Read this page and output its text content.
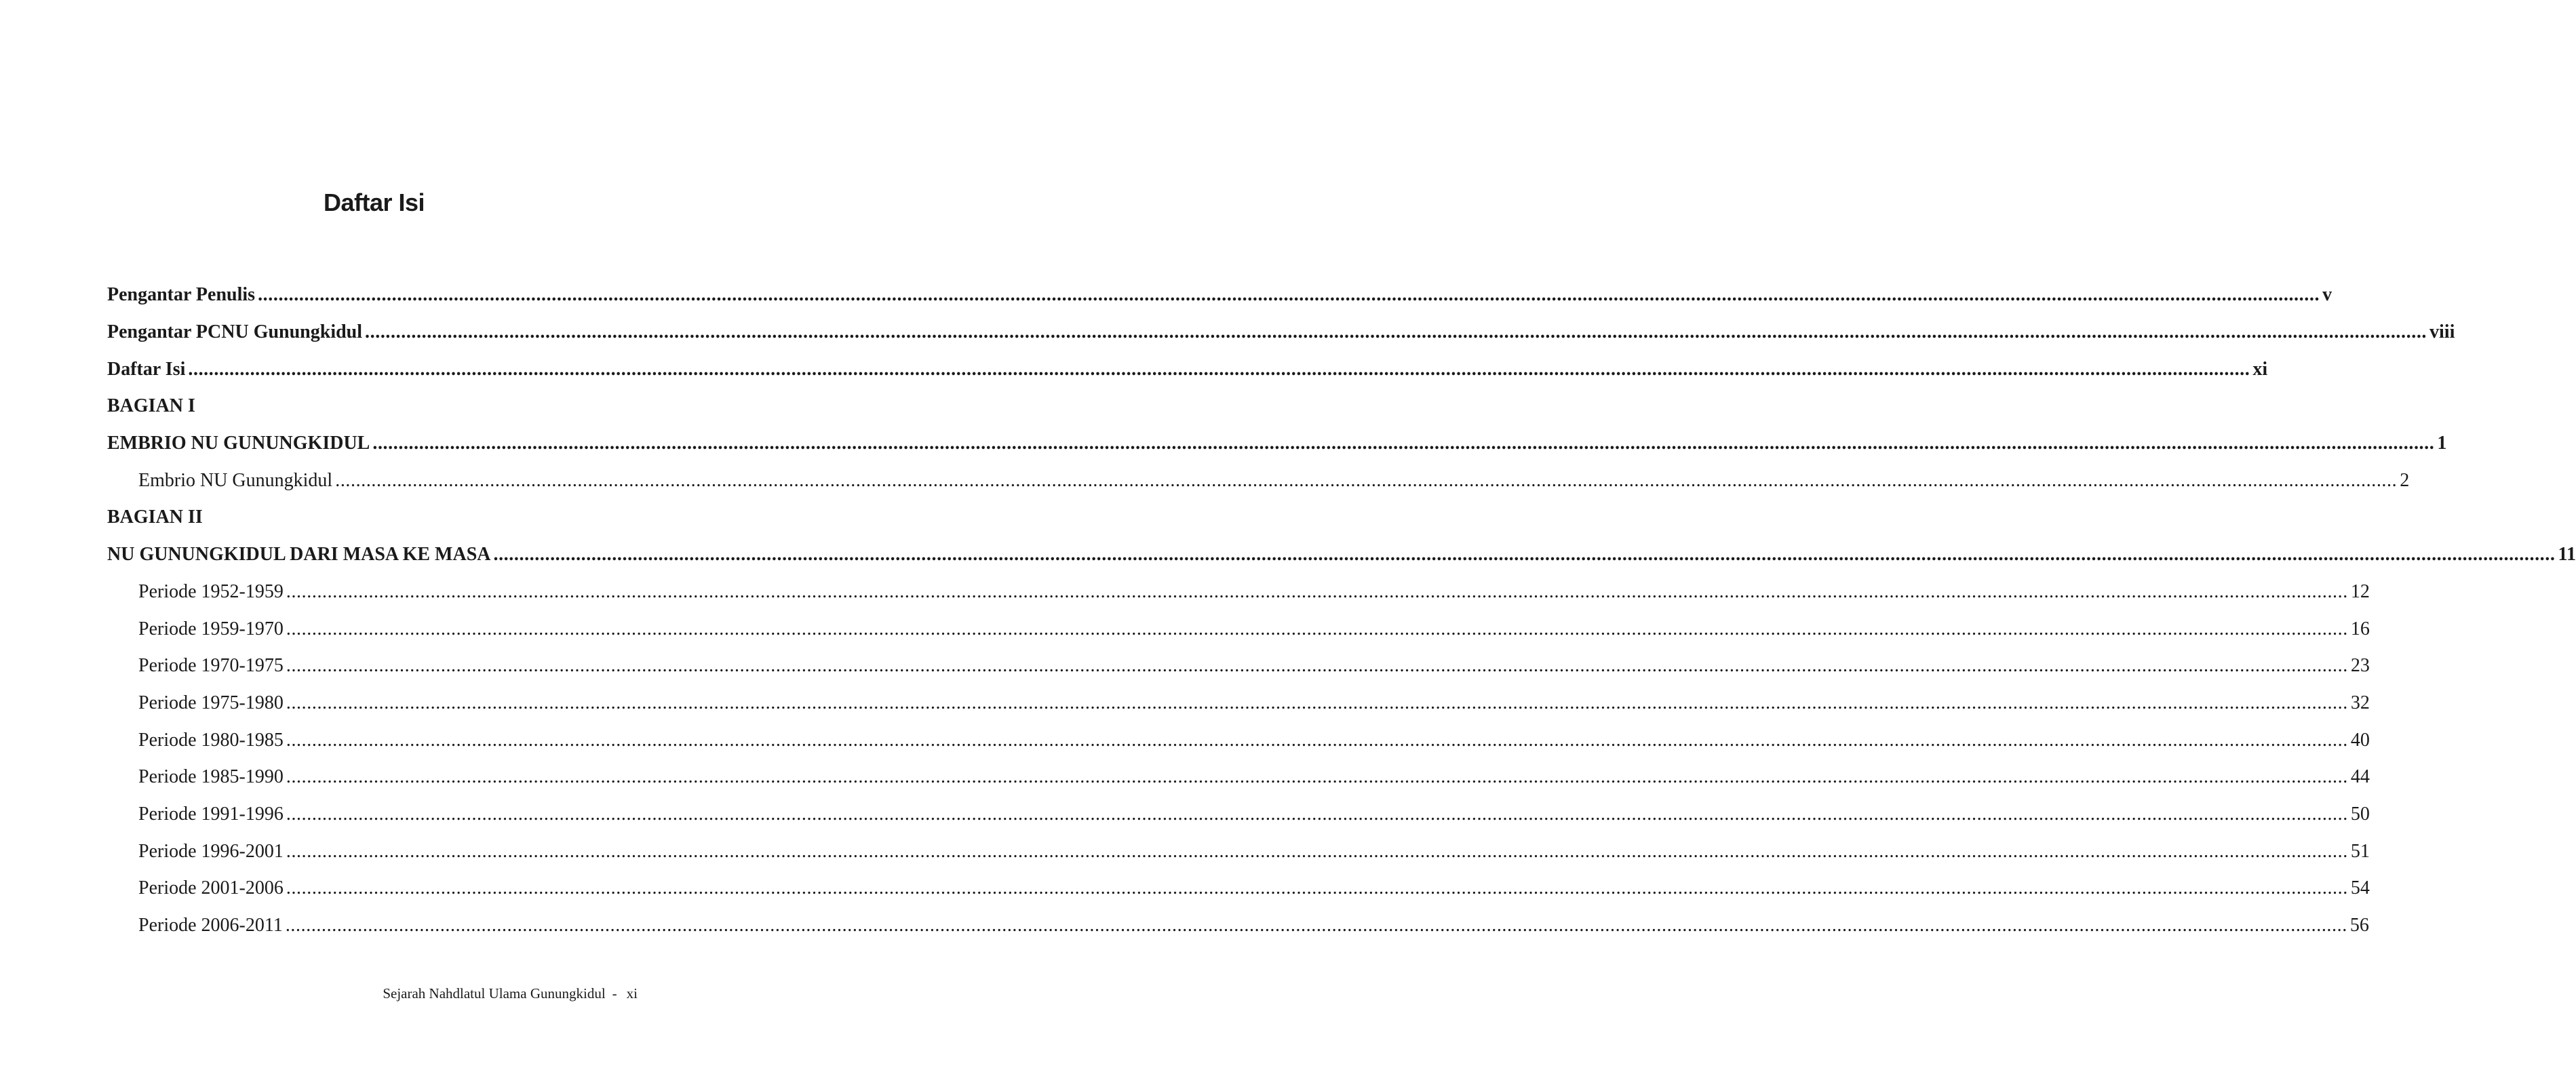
Daftar Isi
Pengantar Penulis ................................................................................................................................................................................................................................................................................................................................................................................................................ v
Pengantar PCNU Gunungkidul ................................................................................................................................................................................................................................................................................................................................................................................................................ viii
Daftar Isi ................................................................................................................................................................................................................................................................................................................................................................................................................ xi
BAGIAN I
EMBRIO NU GUNUNGKIDUL ................................................................................................................................................................................................................................................................................................................................................................................................................ 1
Embrio NU Gunungkidul ................................................................................................................................................................................................................................................................................................................................................................................................................ 2
BAGIAN II
NU GUNUNGKIDUL DARI MASA KE MASA ................................................................................................................................................................................................................................................................................................................................................................................................................ 11
Periode 1952-1959 ................................................................................................................................................................................................................................................................................................................................................................................................................ 12
Periode 1959-1970 ................................................................................................................................................................................................................................................................................................................................................................................................................ 16
Periode 1970-1975 ................................................................................................................................................................................................................................................................................................................................................................................................................ 23
Periode 1975-1980 ................................................................................................................................................................................................................................................................................................................................................................................................................ 32
Periode 1980-1985 ................................................................................................................................................................................................................................................................................................................................................................................................................ 40
Periode 1985-1990 ................................................................................................................................................................................................................................................................................................................................................................................................................ 44
Periode 1991-1996 ................................................................................................................................................................................................................................................................................................................................................................................................................ 50
Periode 1996-2001 ................................................................................................................................................................................................................................................................................................................................................................................................................ 51
Periode 2001-2006 ................................................................................................................................................................................................................................................................................................................................................................................................................ 54
Periode 2006-2011 ................................................................................................................................................................................................................................................................................................................................................................................................................ 56
Sejarah Nahdlatul Ulama Gunungkidul - xi
